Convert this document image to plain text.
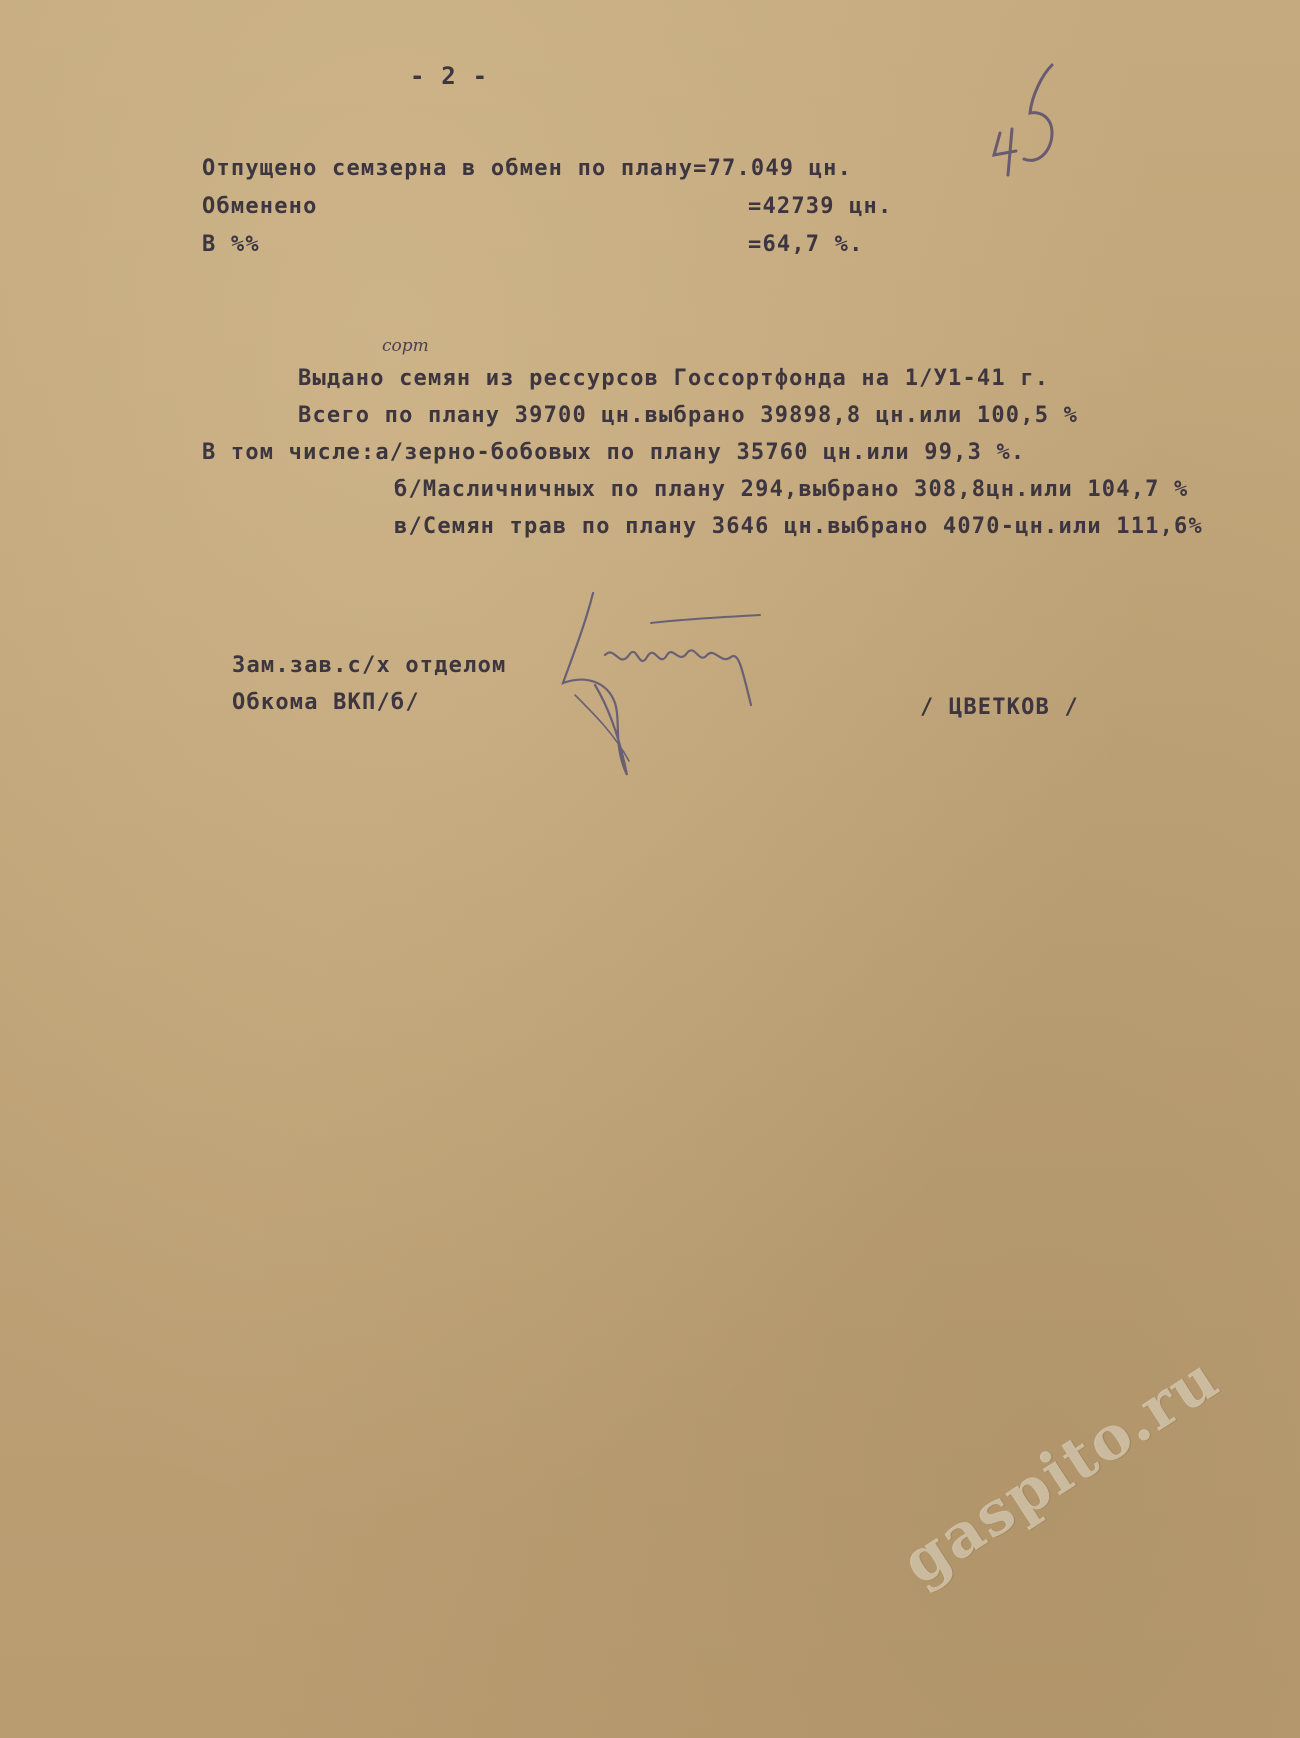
- 2 -
Отпущено семзерна в обмен по плану=77.049 цн.
Обменено	=42739 цн.
В %%	=64,7 %.
сорт
Выдано семян из рессурсов Госсортфонда на 1/У1-41 г.
Всего по плану 39700 цн.выбрано 39898,8 цн.или 100,5 %
В том числе:а/зерно-бобовых по плану 35760 цн.или 99,3 %.
б/Масличничных по плану 294,выбрано 308,8цн.или 104,7 %
в/Семян трав по плану 3646 цн.выбрано 4070-цн.или 111,6%
Зам.зав.с/х отделом
Обкома ВКП/б/	/ ЦВЕТКОВ /
gaspito.ru
